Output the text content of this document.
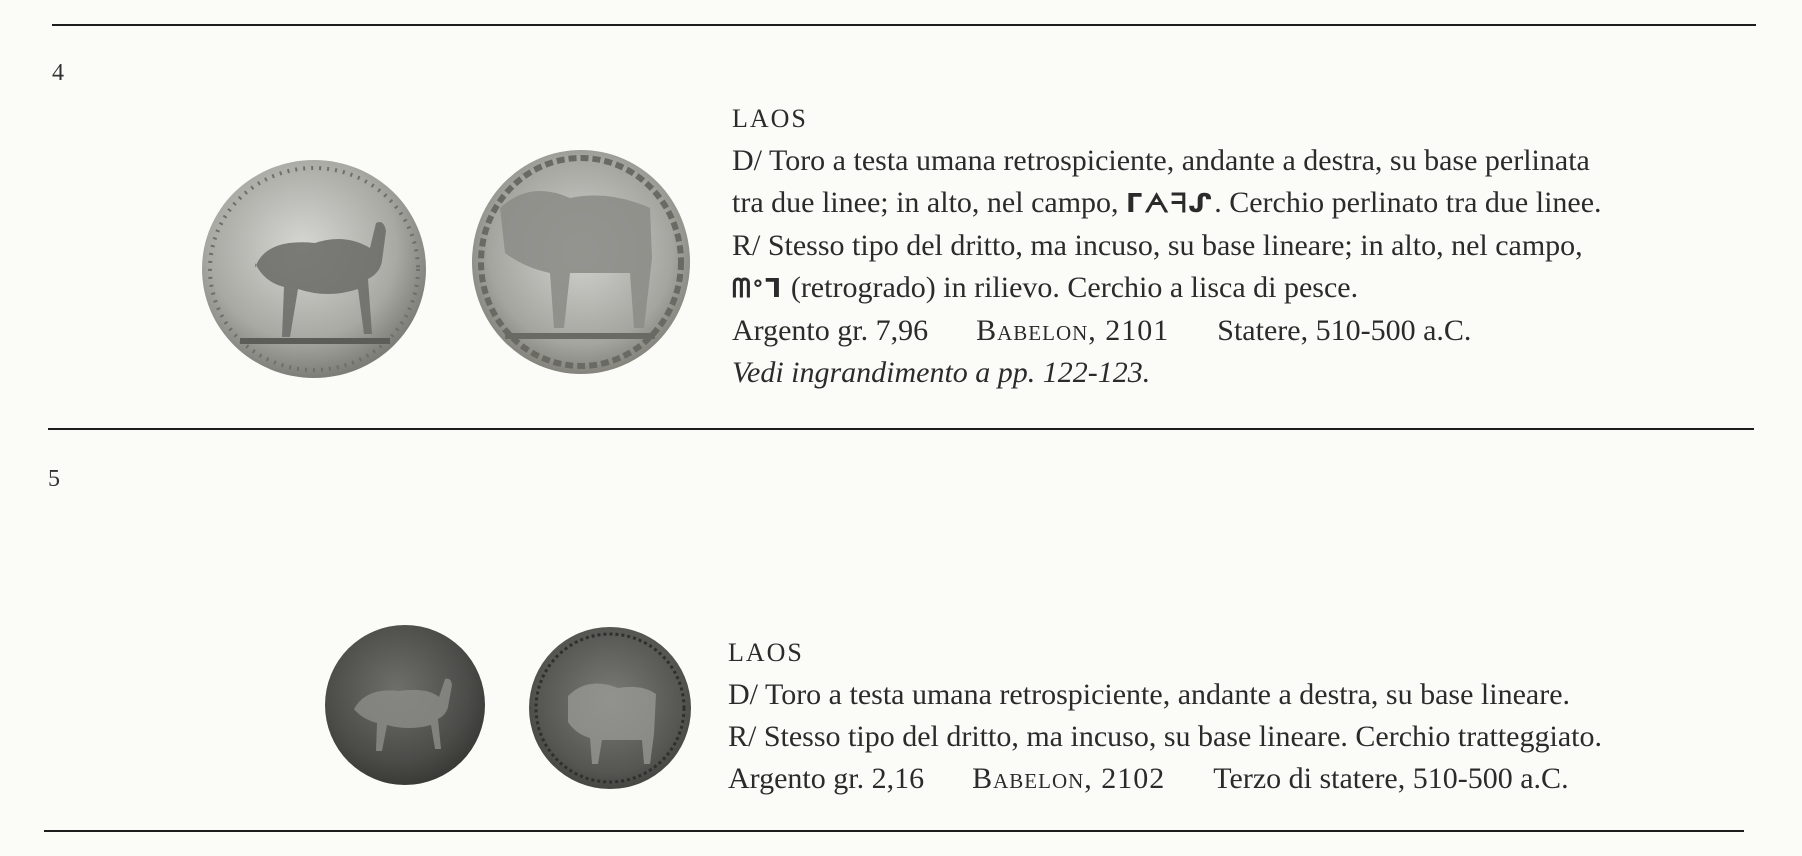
4
LAOS
D/ Toro a testa umana retrospiciente, andante a destra, su base perlinata
tra due linee; in alto, nel campo, ᒥᗅᖷᔑ. Cerchio perlinato tra due linee.
R/ Stesso tipo del dritto, ma incuso, su base lineare; in alto, nel campo,
ᗰᐤᒣ (retrogrado) in rilievo. Cerchio a lisca di pesce.
Argento gr. 7,96 Babelon, 2101 Statere, 510-500 a.C.
Vedi ingrandimento a pp. 122-123.
5
LAOS
D/ Toro a testa umana retrospiciente, andante a destra, su base lineare.
R/ Stesso tipo del dritto, ma incuso, su base lineare. Cerchio tratteggiato.
Argento gr. 2,16 Babelon, 2102 Terzo di statere, 510-500 a.C.
